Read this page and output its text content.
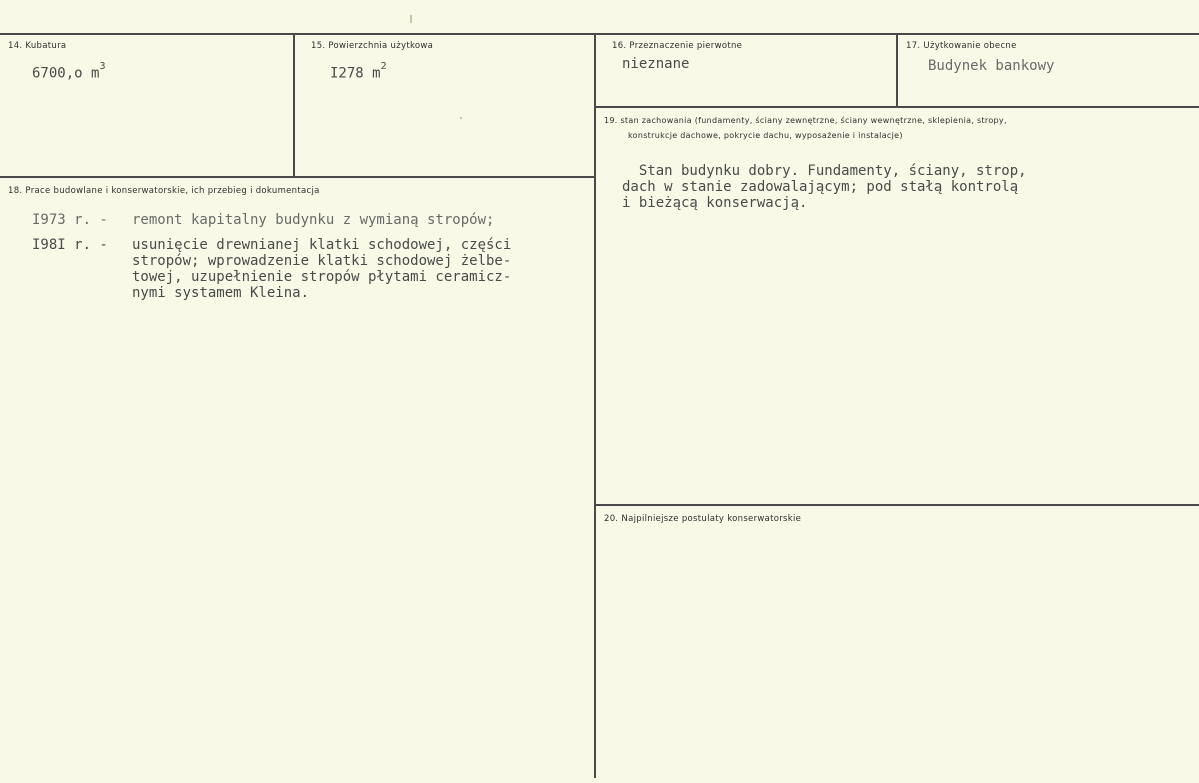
14. Kubatura
6700,o $m^3$
15. Powierzchnia użytkowa
I278 $m^2$
16. Przeznaczenie pierwotne
nieznane
17. Użytkowanie obecne
Budynek bankowy
18. Prace budowlane i konserwatorskie, ich przebieg i dokumentacja
I973 r. -	remont kapitalny budynku z wymianą stropów;
I98I r. -	usunięcie drewnianej klatki schodowej, części
stropów; wprowadzenie klatki schodowej żelbe-
towej, uzupełnienie stropów płytami ceramicz-
nymi systamem Kleina.
19. stan zachowania (fundamenty, ściany zewnętrzne, ściany wewnętrzne, sklepienia, stropy,
konstrukcje dachowe, pokrycie dachu, wyposażenie i instalacje)
Stan budynku dobry. Fundamenty, ściany, strop,
dach w stanie zadowalającym; pod stałą kontrolą
i bieżącą konserwacją.
20. Najpilniejsze postulaty konserwatorskie
